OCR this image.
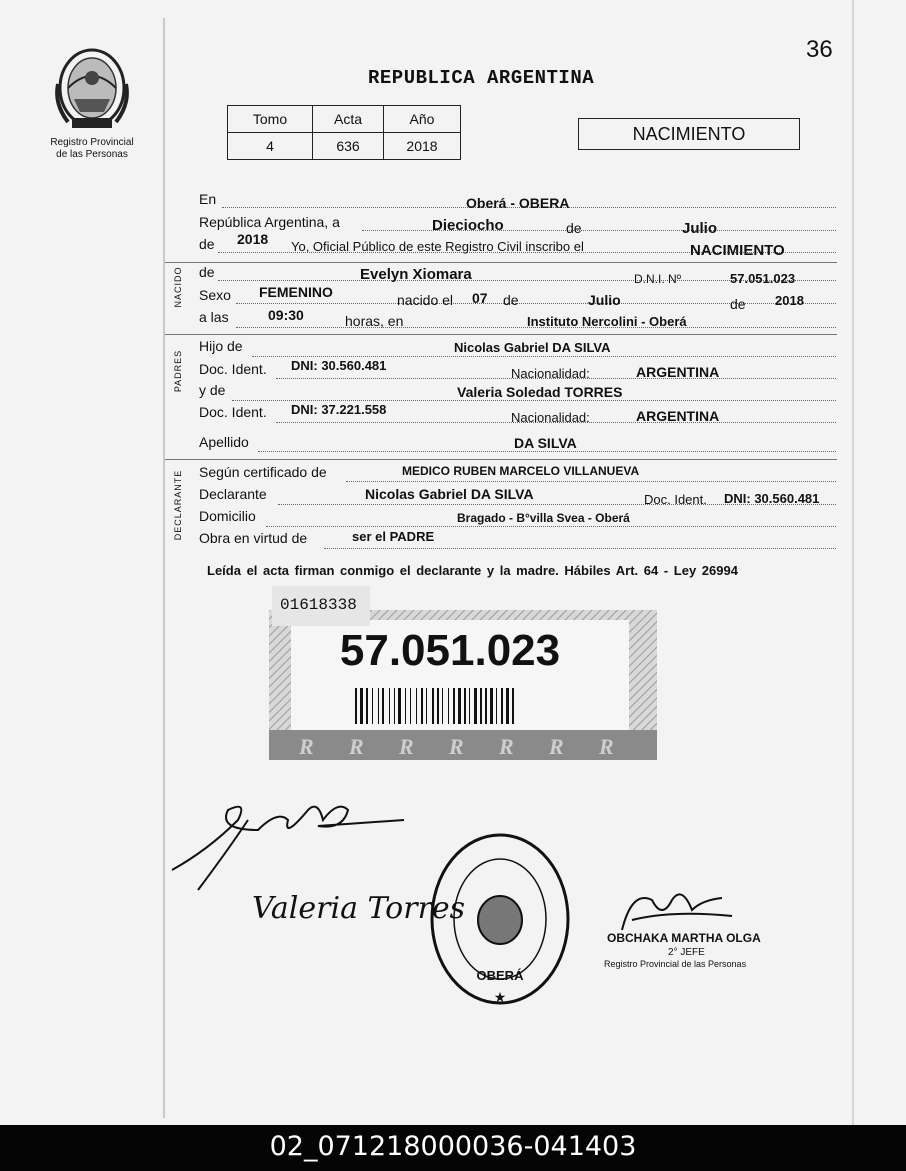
36
Registro Provincial
de las Personas
REPUBLICA ARGENTINA
Tomo	Acta	Año
4	636	2018
NACIMIENTO
NACIDO
PADRES
DECLARANTE
En	Oberá - OBERA
República Argentina, a	Dieciocho	de	Julio
de 2018 Yo, Oficial Público de este Registro Civil inscribo el	NACIMIENTO
de	Evelyn Xiomara	D.N.I. Nº	57.051.023
Sexo FEMENINO	nacido el 07 de	Julio	de 2018
a las	09:30	horas, en	Instituto Nercolini - Oberá
Hijo de	Nicolas Gabriel DA SILVA
Doc. Ident. DNI: 30.560.481
Nacionalidad:	ARGENTINA
y de	Valeria Soledad TORRES
Doc. Ident. DNI: 37.221.558
Nacionalidad:	ARGENTINA
Apellido	DA SILVA
Según certificado de	MEDICO RUBEN MARCELO VILLANUEVA
Declarante	Nicolas Gabriel DA SILVA	Doc. Ident. DNI: 30.560.481
Domicilio	Bragado - B°villa Svea - Oberá
Obra en virtud de	ser el PADRE
Leída el acta firman conmigo el declarante y la madre. Hábiles Art. 64 - Ley 26994
R R R R R R R
57.051.023
01618338
Valeria Torres
OBERÁ
★
OBCHAKA MARTHA OLGA
2° JEFE
Registro Provincial de las Personas
02_071218000036-041403
